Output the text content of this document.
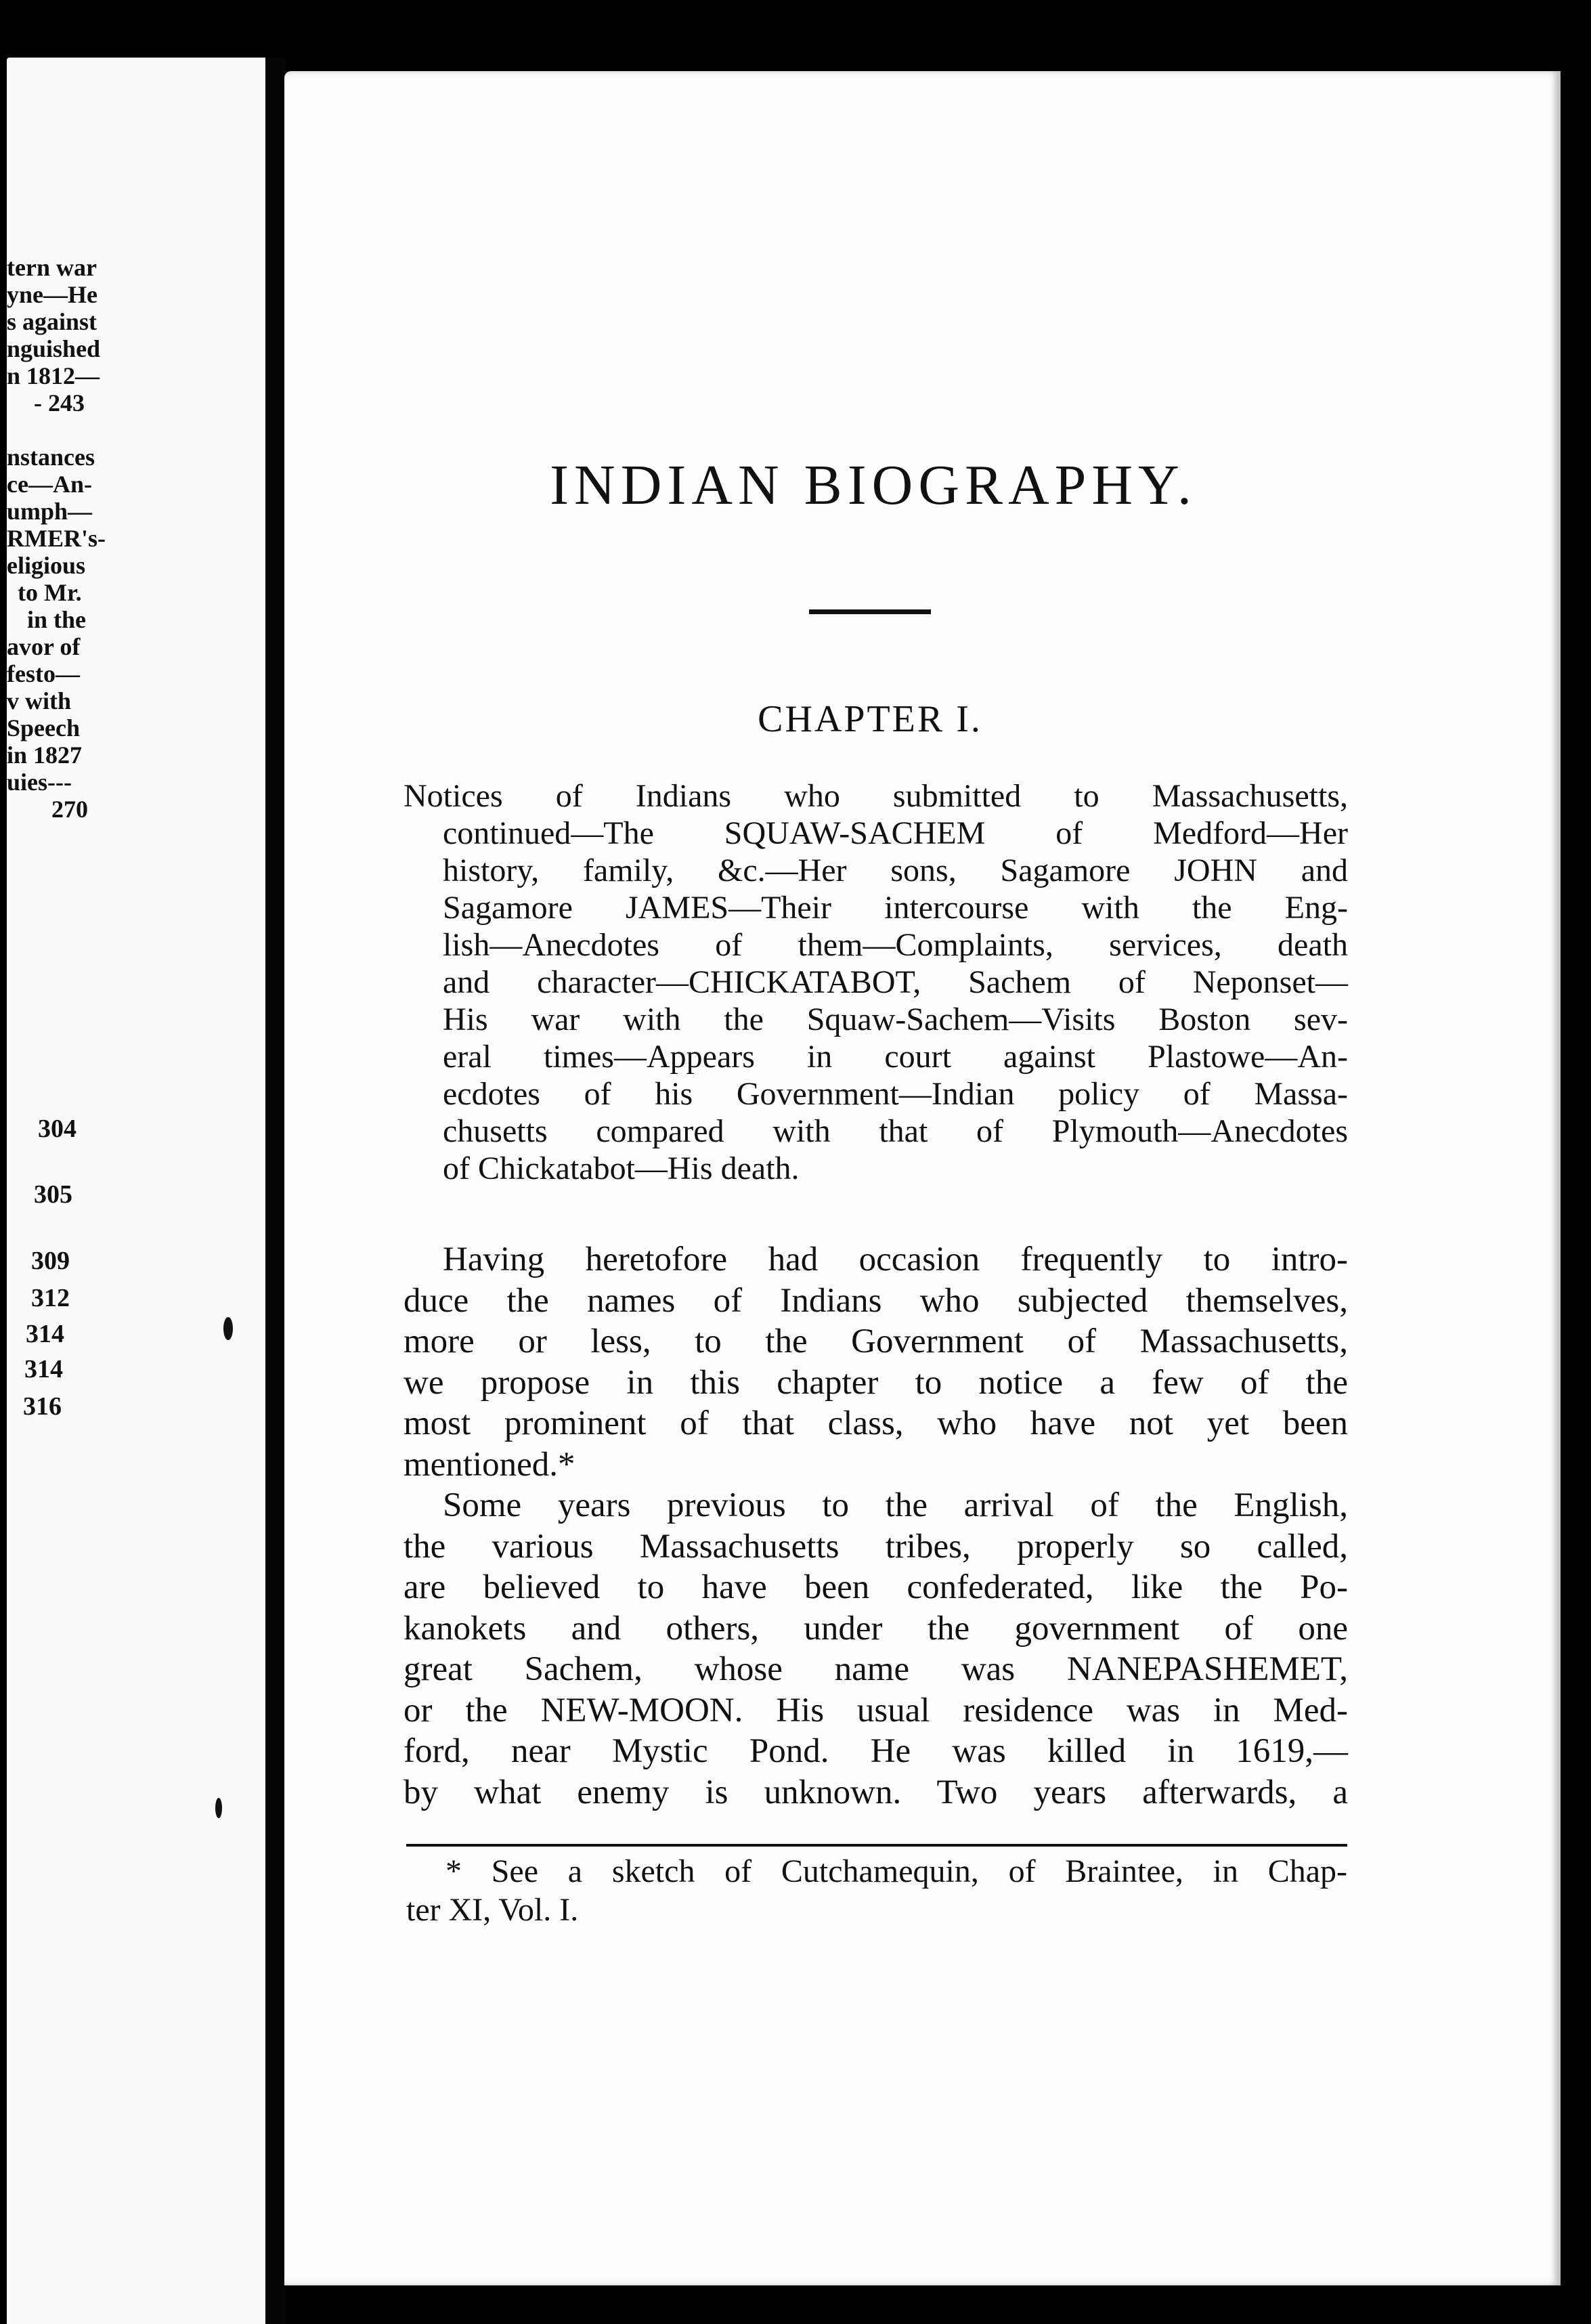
tern war
yne—He
s against
nguished
n 1812—
- 243
nstances
ce—An-
umph—
RMER's-
eligious
to Mr.
in the
avor of
festo—
v with
Speech
in 1827
uies---
270
304
305
309
312
314
314
316
INDIAN BIOGRAPHY.
CHAPTER I.
Notices of Indians who submitted to Massachusetts,
continued—The SQUAW-SACHEM of Medford—Her
history, family, &c.—Her sons, Sagamore JOHN and
Sagamore JAMES—Their intercourse with the Eng-
lish—Anecdotes of them—Complaints, services, death
and character—CHICKATABOT, Sachem of Neponset—
His war with the Squaw-Sachem—Visits Boston sev-
eral times—Appears in court against Plastowe—An-
ecdotes of his Government—Indian policy of Massa-
chusetts compared with that of Plymouth—Anecdotes
of Chickatabot—His death.
Having heretofore had occasion frequently to intro-
duce the names of Indians who subjected themselves,
more or less, to the Government of Massachusetts,
we propose in this chapter to notice a few of the
most prominent of that class, who have not yet been
mentioned.*
Some years previous to the arrival of the English,
the various Massachusetts tribes, properly so called,
are believed to have been confederated, like the Po-
kanokets and others, under the government of one
great Sachem, whose name was NANEPASHEMET,
or the NEW-MOON. His usual residence was in Med-
ford, near Mystic Pond. He was killed in 1619,—
by what enemy is unknown. Two years afterwards, a
* See a sketch of Cutchamequin, of Braintee, in Chap-
ter XI, Vol. I.
